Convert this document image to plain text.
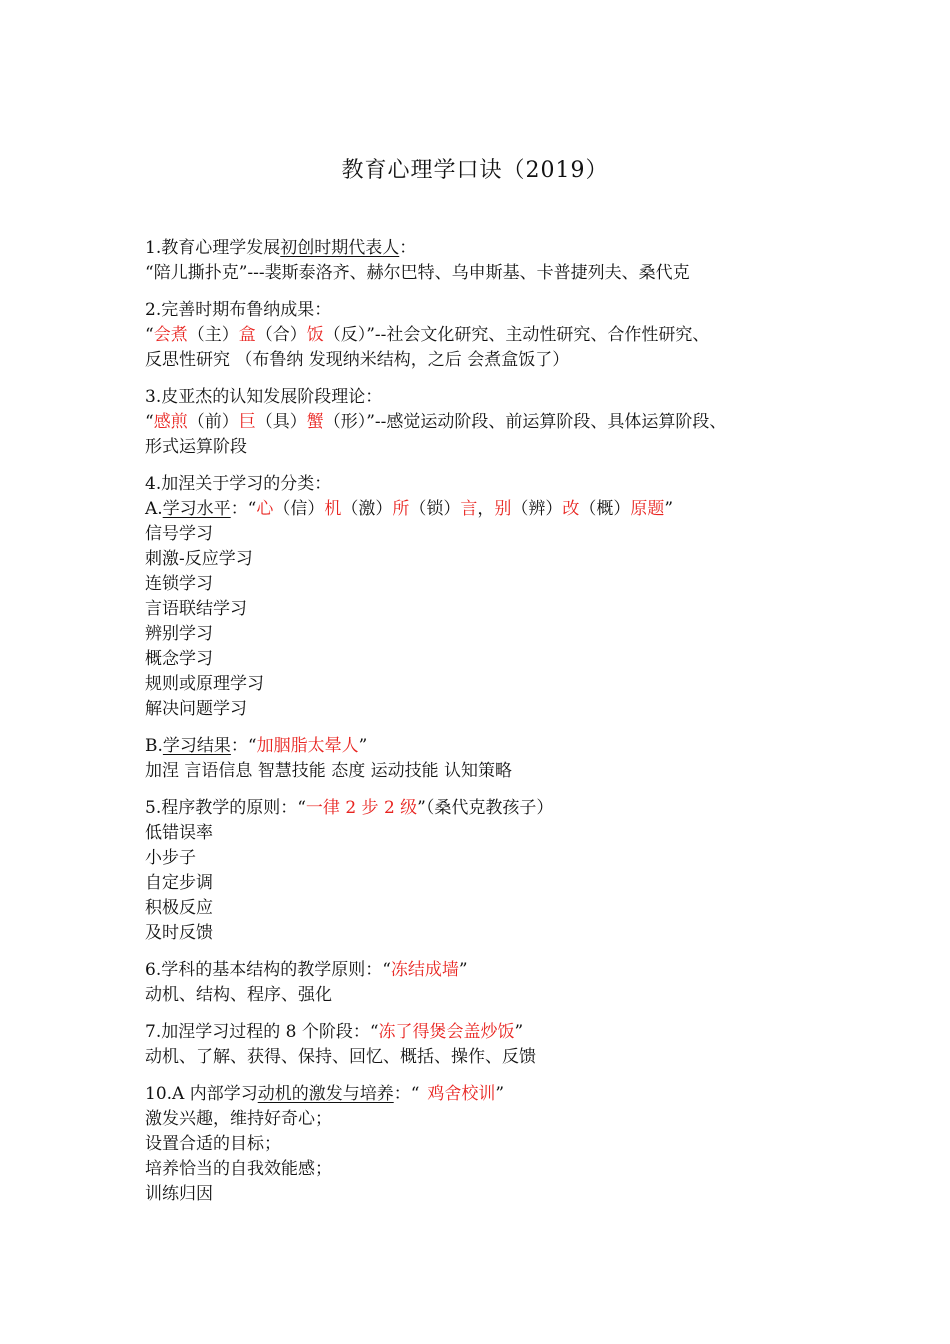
教育心理学口诀（2019）
1.教育心理学发展初创时期代表人：
“陪儿撕扑克”---裴斯泰洛齐、赫尔巴特、乌申斯基、卡普捷列夫、桑代克
2.完善时期布鲁纳成果：
“会煮（主）盒（合）饭（反）”--社会文化研究、主动性研究、合作性研究、
反思性研究 （布鲁纳 发现纳米结构，之后 会煮盒饭了）
3.皮亚杰的认知发展阶段理论：
“感煎（前）巨（具）蟹（形）”--感觉运动阶段、前运算阶段、具体运算阶段、
形式运算阶段
4.加涅关于学习的分类：
A.学习水平：“心（信）机（激）所（锁）言，别（辨）改（概）原题”
信号学习
刺激-反应学习
连锁学习
言语联结学习
辨别学习
概念学习
规则或原理学习
解决问题学习
B.学习结果：“加胭脂太晕人”
加涅 言语信息 智慧技能 态度 运动技能 认知策略
5.程序教学的原则：“一律 2 步 2 级”（桑代克教孩子）
低错误率
小步子
自定步调
积极反应
及时反馈
6.学科的基本结构的教学原则：“冻结成墙”
动机、结构、程序、强化
7.加涅学习过程的 8 个阶段：“冻了得煲会盖炒饭”
动机、了解、获得、保持、回忆、概括、操作、反馈
10.A 内部学习动机的激发与培养：“ 鸡舍校训”
激发兴趣，维持好奇心；
设置合适的目标；
培养恰当的自我效能感；
训练归因
